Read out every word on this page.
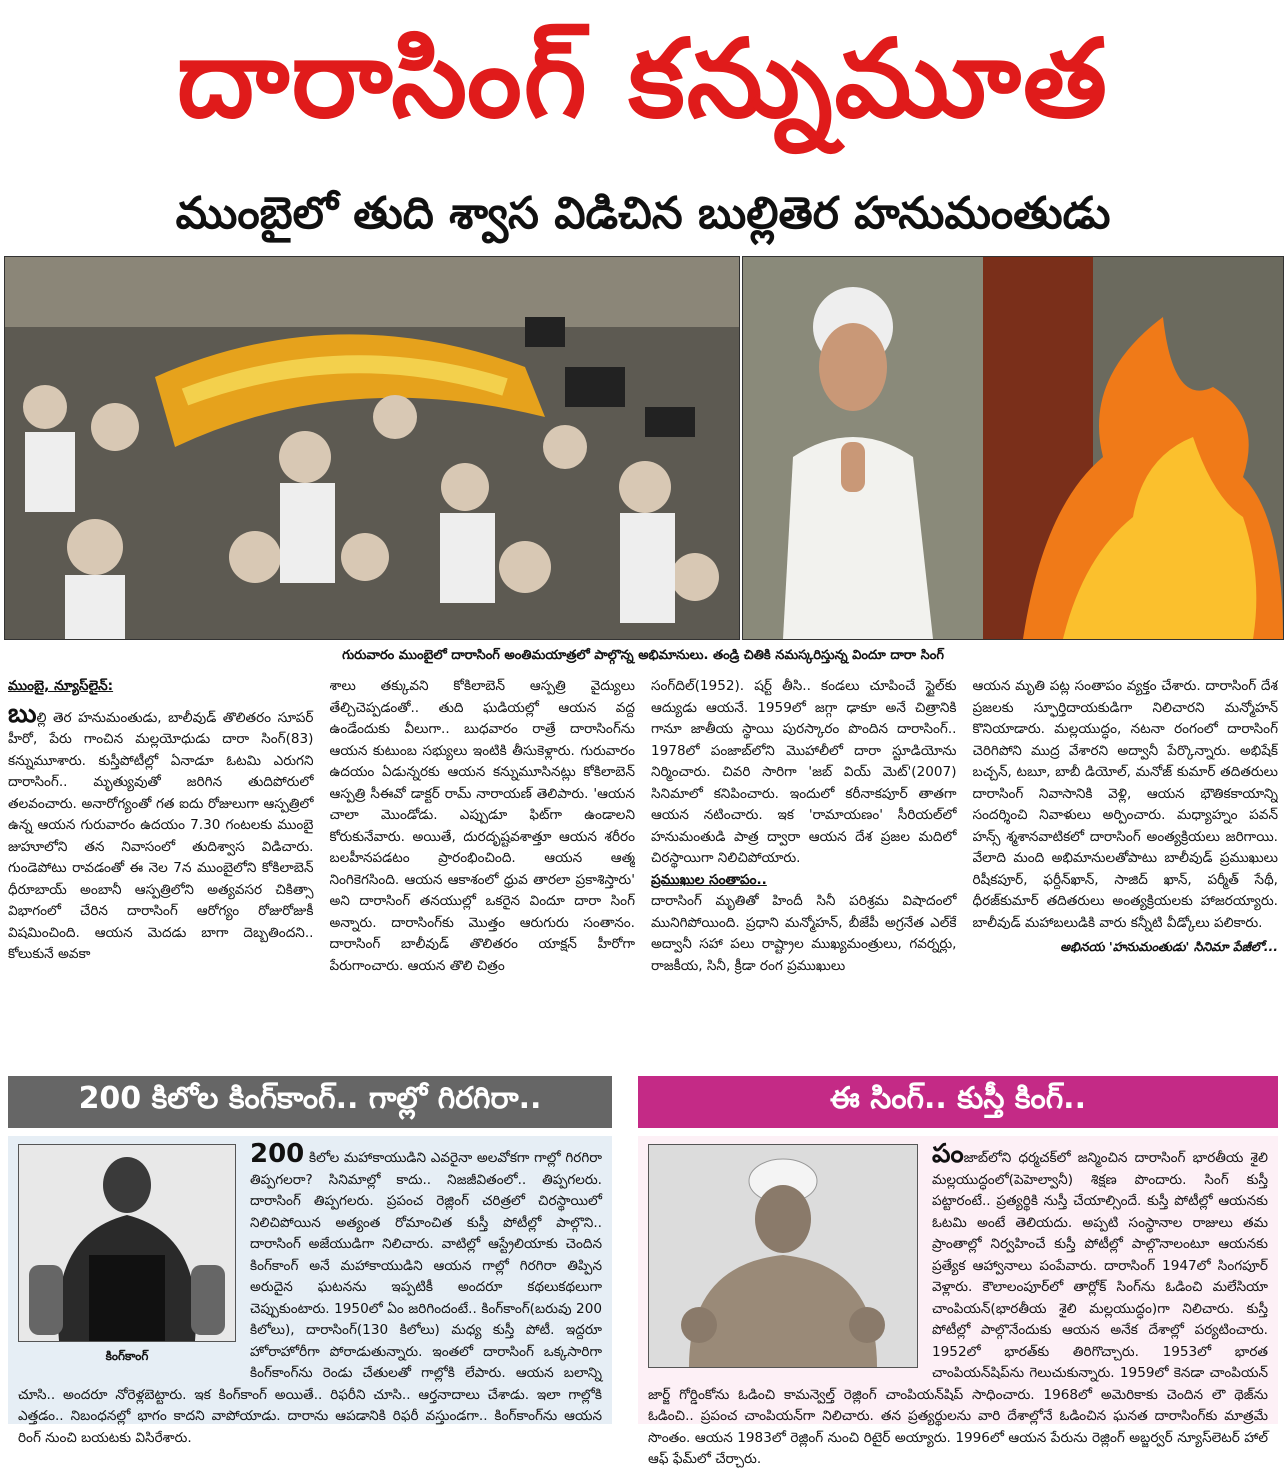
దారాసింగ్ కన్నుమూత
ముంబైలో తుది శ్వాస విడిచిన బుల్లితెర హనుమంతుడు
గురువారం ముంబైలో దారాసింగ్ అంతిమయాత్రలో పాల్గొన్న అభిమానులు. తండ్రి చితికి నమస్కరిస్తున్న విందూ దారా సింగ్

ముంబై, న్యూస్‌లైన్:

బుల్లి తెర హనుమంతుడు, బాలీవుడ్ తొలితరం సూపర్ హీరో, పేరు గాంచిన మల్లయోధుడు దారా సింగ్(83) కన్నుమూశారు. కుస్తీపోటీల్లో ఏనాడూ ఓటమి ఎరుగని దారాసింగ్.. మృత్యువుతో జరిగిన తుదిపోరులో తలవంచారు. అనారోగ్యంతో గత ఐదు రోజులుగా ఆస్పత్రిలో ఉన్న ఆయన గురువారం ఉదయం 7.30 గంటలకు ముంబై జుహూలోని తన నివాసంలో తుదిశ్వాస విడిచారు. గుండెపోటు రావడంతో ఈ నెల 7న ముంబైలోని కోకిలాబెన్ ధీరూబాయ్ అంబానీ ఆస్పత్రిలోని అత్యవసర చికిత్సా విభాగంలో చేరిన దారాసింగ్ ఆరోగ్యం రోజురోజుకీ విషమించింది. ఆయన మెదడు బాగా దెబ్బతిందని.. కోలుకునే అవకా

శాలు తక్కువని కోకిలాబెన్ ఆస్పత్రి వైద్యులు తేల్చిచెప్పడంతో.. తుది ఘడియల్లో ఆయన వద్ద ఉండేందుకు వీలుగా.. బుధవారం రాత్రే దారాసింగ్‌ను ఆయన కుటుంబ సభ్యులు ఇంటికి తీసుకెళ్లారు. గురువారం ఉదయం ఏడున్నరకు ఆయన కన్నుమూసినట్లు కోకిలాబెన్ ఆస్పత్రి సీఈవో డాక్టర్ రామ్ నారాయణ్ తెలిపారు. 'ఆయన చాలా మొండోడు. ఎప్పుడూ ఫిట్‌గా ఉండాలని కోరుకునేవారు. అయితే, దురదృష్టవశాత్తూ ఆయన శరీరం బలహీనపడటం ప్రారంభించింది. ఆయన ఆత్మ నింగికెగసింది. ఆయన ఆకాశంలో ధ్రువ తారలా ప్రకాశిస్తారు' అని దారాసింగ్ తనయుల్లో ఒకరైన విందూ దారా సింగ్ అన్నారు. దారాసింగ్‌కు మొత్తం ఆరుగురు సంతానం. దారాసింగ్ బాలీవుడ్ తొలితరం యాక్షన్ హీరోగా పేరుగాంచారు. ఆయన తొలి చిత్రం

సంగ్‌దిల్(1952). షర్ట్ తీసి.. కండలు చూపించే స్టైల్‌కు ఆద్యుడు ఆయనే. 1959లో జగ్గా ఢాకూ అనే చిత్రానికి గానూ జాతీయ స్థాయి పురస్కారం పొందిన దారాసింగ్.. 1978లో పంజాబ్‌లోని మొహాలీలో దారా స్టూడియోను నిర్మించారు. చివరి సారిగా 'జబ్ వియ్ మెట్'(2007) సినిమాలో కనిపించారు. ఇందులో కరీనాకపూర్ తాతగా ఆయన నటించారు. ఇక 'రామాయణం' సీరియల్‌లో హనుమంతుడి పాత్ర ద్వారా ఆయన దేశ ప్రజల మదిలో చిరస్థాయిగా నిలిచిపోయారు.

ప్రముఖుల సంతాపం..

దారాసింగ్ మృతితో హిందీ సినీ పరిశ్రమ విషాదంలో మునిగిపోయింది. ప్రధాని మన్మోహన్, బీజేపీ అగ్రనేత ఎల్‌కే అద్వానీ సహా పలు రాష్ట్రాల ముఖ్యమంత్రులు, గవర్నర్లు, రాజకీయ, సినీ, క్రీడా రంగ ప్రముఖులు

ఆయన మృతి పట్ల సంతాపం వ్యక్తం చేశారు. దారాసింగ్ దేశ ప్రజలకు స్ఫూర్తిదాయకుడిగా నిలిచారని మన్మోహన్ కొనియాడారు. మల్లయుద్ధం, నటనా రంగంలో దారాసింగ్ చెరిగిపోని ముద్ర వేశారని అద్వానీ పేర్కొన్నారు. అభిషేక్ బచ్చన్, టబూ, బాబీ డియోల్, మనోజ్ కుమార్ తదితరులు దారాసింగ్ నివాసానికి వెళ్లి, ఆయన భౌతికకాయాన్ని సందర్శించి నివాళులు అర్పించారు. మధ్యాహ్నం పవన్ హన్స్ శ్మశానవాటికలో దారాసింగ్ అంత్యక్రియలు జరిగాయి. వేలాది మంది అభిమానులతోపాటు బాలీవుడ్ ప్రముఖులు రిషీకపూర్, ఫర్దీన్‌ఖాన్, సాజిద్ ఖాన్, పర్మీత్ సేథీ, ధీరజ్‌కుమార్ తదితరులు అంత్యక్రియలకు హాజరయ్యారు. బాలీవుడ్ మహాబలుడికి వారు కన్నీటి వీడ్కోలు పలికారు.

అభినయ 'హనుమంతుడు' సినిమా పేజీలో...

200 కిలోల కింగ్‌కాంగ్.. గాల్లో గిరగిరా..
కింగ్‌కాంగ్
200 కిలోల మహాకాయుడిని ఎవరైనా అలవోకగా గాల్లో గిరగిరా తిప్పగలరా? సినిమాల్లో కాదు.. నిజజీవితంలో.. తిప్పగలరు. దారాసింగ్ తిప్పగలరు. ప్రపంచ రెజ్లింగ్ చరిత్రలో చిరస్థాయిలో నిలిచిపోయిన అత్యంత రోమాంచిత కుస్తీ పోటీల్లో పాల్గొని.. దారాసింగ్ అజేయుడిగా నిలిచారు. వాటిల్లో ఆస్ట్రేలియాకు చెందిన కింగ్‌కాంగ్ అనే మహాకాయుడిని ఆయన గాల్లో గిరగిరా తిప్పిన అరుదైన ఘటనను ఇప్పటికీ అందరూ కథలుకథలుగా చెప్పుకుంటారు. 1950లో ఏం జరిగిందంటే.. కింగ్‌కాంగ్(బరువు 200 కిలోలు), దారాసింగ్(130 కిలోలు) మధ్య కుస్తీ పోటీ. ఇద్దరూ హోరాహోరీగా పోరాడుతున్నారు. ఇంతలో దారాసింగ్ ఒక్కసారిగా కింగ్‌కాంగ్‌ను రెండు చేతులతో గాల్లోకి లేపారు. ఆయన బలాన్ని చూసి.. అందరూ నోరెళ్లబెట్టారు. ఇక కింగ్‌కాంగ్ అయితే.. రిఫరీని చూసి.. ఆర్తనాదాలు చేశాడు. ఇలా గాల్లోకి ఎత్తడం.. నిబంధనల్లో భాగం కాదని వాపోయాడు. దారాను ఆపడానికి రిఫరీ వస్తుండగా.. కింగ్‌కాంగ్‌ను ఆయన రింగ్ నుంచి బయటకు విసిరేశారు.
ఈ సింగ్.. కుస్తీ కింగ్..
పంజాబ్‌లోని ధర్మచక్‌లో జన్మించిన దారాసింగ్ భారతీయ శైలి మల్లయుద్ధంలో(పెహెల్వానీ) శిక్షణ పొందారు. సింగ్ కుస్తీ పట్టారంటే.. ప్రత్యర్థికి నుస్తీ చేయాల్సిందే. కుస్తీ పోటీల్లో ఆయనకు ఓటమి అంటే తెలియదు. అప్పటి సంస్థానాల రాజులు తమ ప్రాంతాల్లో నిర్వహించే కుస్తీ పోటీల్లో పాల్గొనాలంటూ ఆయనకు ప్రత్యేక ఆహ్వానాలు పంపేవారు. దారాసింగ్ 1947లో సింగపూర్ వెళ్లారు. కౌలాలంపూర్‌లో తార్లోక్ సింగ్‌ను ఓడించి మలేసియా చాంపియన్(భారతీయ శైలి మల్లయుద్ధం)గా నిలిచారు. కుస్తీ పోటీల్లో పాల్గొనేందుకు ఆయన అనేక దేశాల్లో పర్యటించారు. 1952లో భారత్‌కు తిరిగొచ్చారు. 1953లో భారత చాంపియన్‌షిప్‌ను గెలుచుకున్నారు. 1959లో కెనడా చాంపియన్ జార్జ్ గోర్డింకోను ఓడించి కామన్వెల్త్ రెజ్లింగ్ చాంపియన్‌షిప్ సాధించారు. 1968లో అమెరికాకు చెందిన లౌ థెజ్‌ను ఓడించి.. ప్రపంచ చాంపియన్‌గా నిలిచారు. తన ప్రత్యర్థులను వారి దేశాల్లోనే ఓడించిన ఘనత దారాసింగ్‌కు మాత్రమే సొంతం. ఆయన 1983లో రెజ్లింగ్ నుంచి రిటైర్ అయ్యారు. 1996లో ఆయన పేరును రెజ్లింగ్ అబ్జర్వర్ న్యూస్‌లెటర్ హాల్ ఆఫ్ ఫేమ్‌లో చేర్చారు.
